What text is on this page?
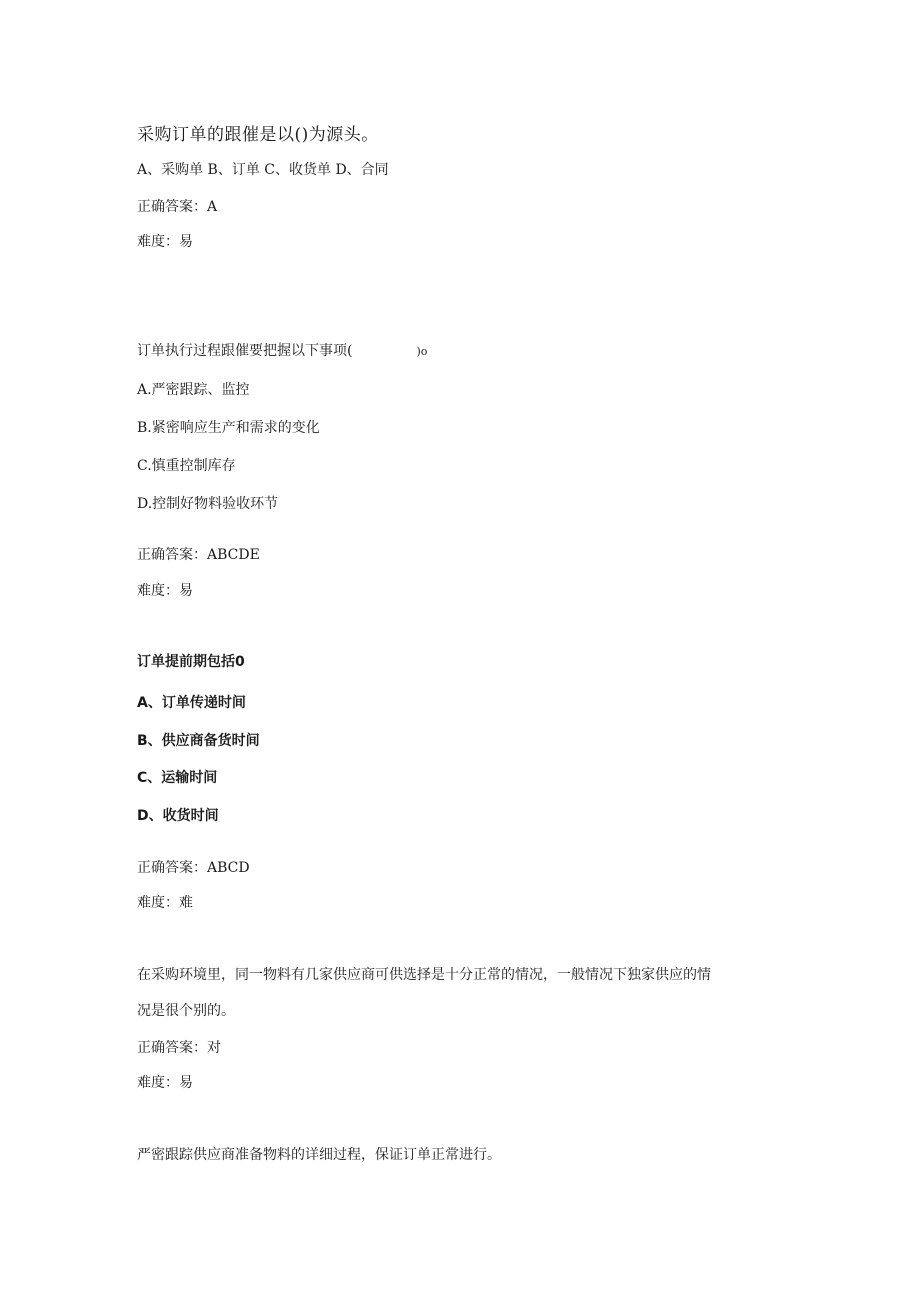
采购订单的跟催是以()为源头。
A、采购单 B、订单 C、收货单 D、合同
正确答案：A
难度：易
订单执行过程跟催要把握以下事项(	)o
A.严密跟踪、监控
B.紧密响应生产和需求的变化
C.慎重控制库存
D.控制好物料验收环节
正确答案：ABCDE
难度：易
订单提前期包括0
A、订单传递时间
B、供应商备货时间
C、运输时间
D、收货时间
正确答案：ABCD
难度：难
在采购环境里，同一物料有几家供应商可供选择是十分正常的情况，一般情况下独家供应的情
况是很个别的。
正确答案：对
难度：易
严密跟踪供应商准备物料的详细过程，保证订单正常进行。
